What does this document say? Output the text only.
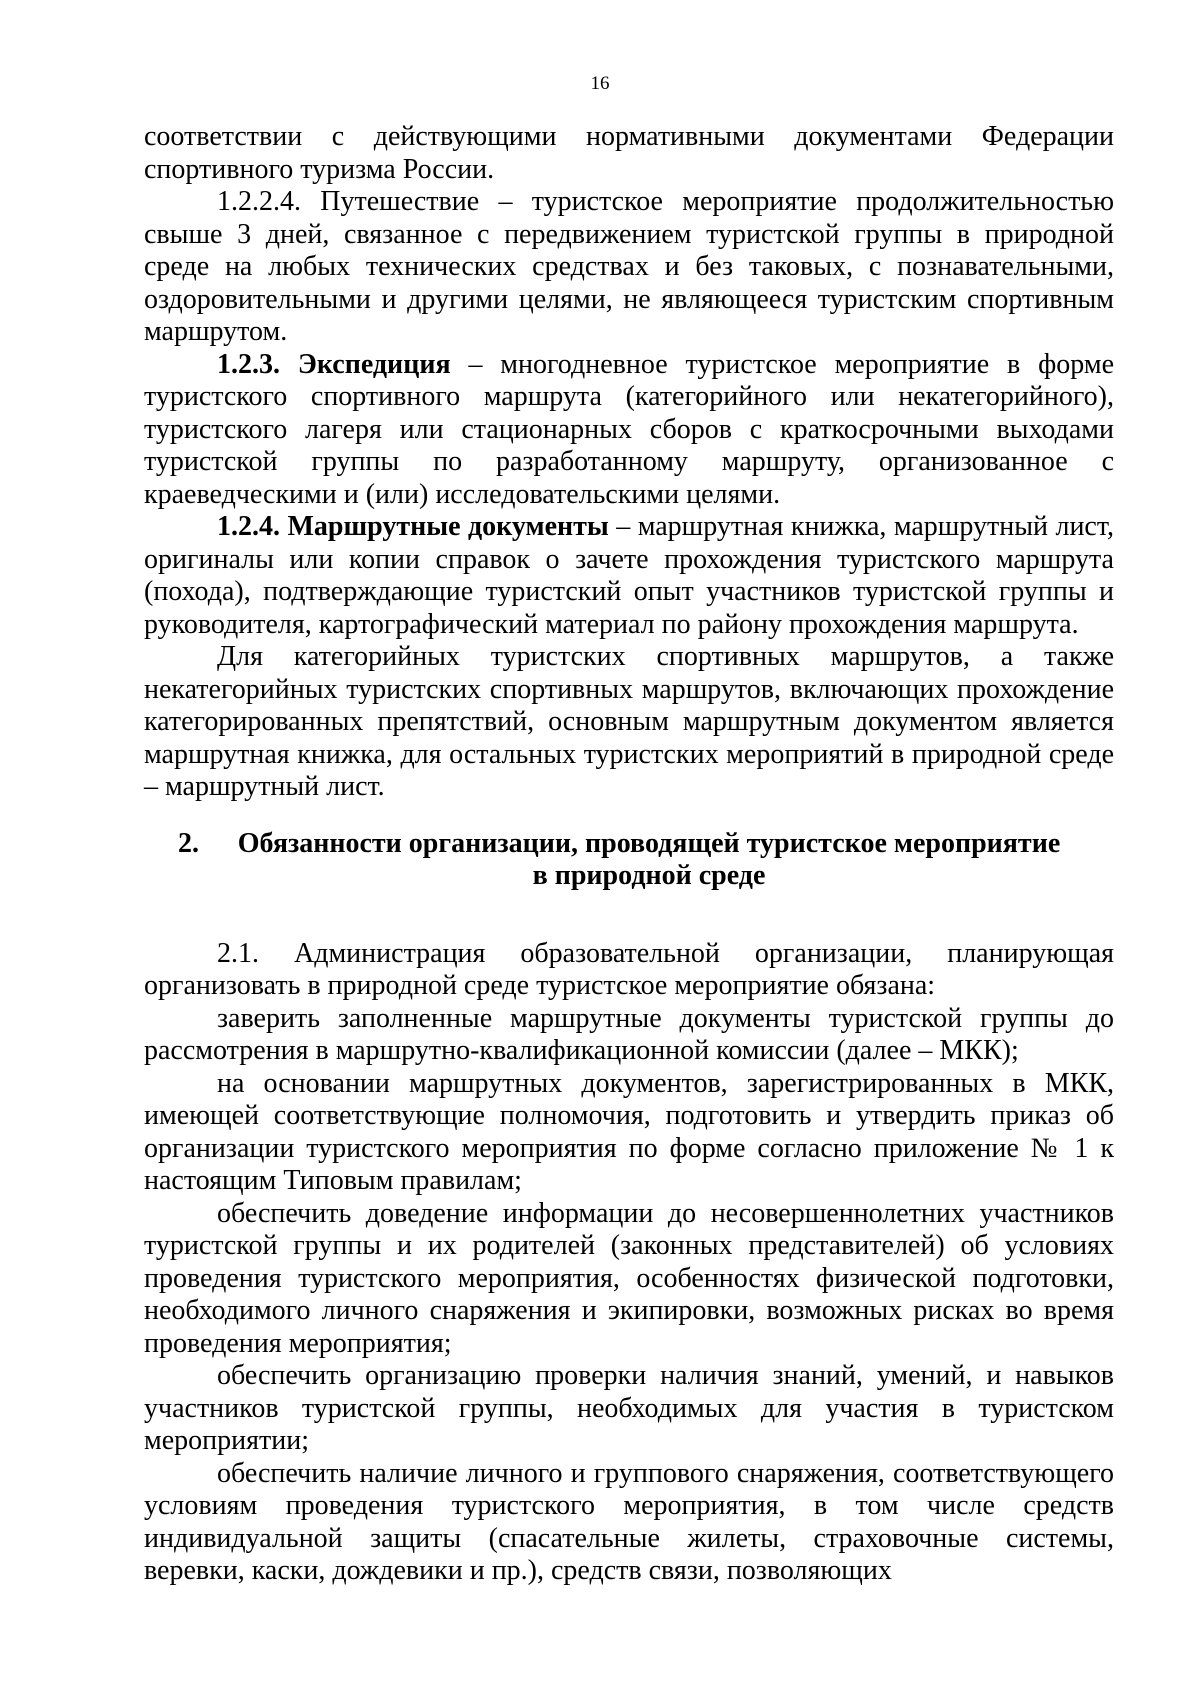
16

соответствии с действующими нормативными документами Федерации спортивного туризма России.

1.2.2.4. Путешествие – туристское мероприятие продолжительностью свыше 3 дней, связанное с передвижением туристской группы в природной среде на любых технических средствах и без таковых, с познавательными, оздоровительными и другими целями, не являющееся туристским спортивным маршрутом.

1.2.3. Экспедиция – многодневное туристское мероприятие в форме туристского спортивного маршрута (категорийного или некатегорийного), туристского лагеря или стационарных сборов с краткосрочными выходами туристской группы по разработанному маршруту, организованное с краеведческими и (или) исследовательскими целями.

1.2.4. Маршрутные документы – маршрутная книжка, маршрутный лист, оригиналы или копии справок о зачете прохождения туристского маршрута (похода), подтверждающие туристский опыт участников туристской группы и руководителя, картографический материал по району прохождения маршрута.

Для категорийных туристских спортивных маршрутов, а также некатегорийных туристских спортивных маршрутов, включающих прохождение категорированных препятствий, основным маршрутным документом является маршрутная книжка, для остальных туристских мероприятий в природной среде – маршрутный лист.

2.	Обязанности организации, проводящей туристское мероприятие
в природной среде

2.1. Администрация образовательной организации, планирующая организовать в природной среде туристское мероприятие обязана:

заверить заполненные маршрутные документы туристской группы до рассмотрения в маршрутно-квалификационной комиссии (далее – МКК);

на основании маршрутных документов, зарегистрированных в МКК, имеющей соответствующие полномочия, подготовить и утвердить приказ об организации туристского мероприятия по форме согласно приложение № 1 к настоящим Типовым правилам;

обеспечить доведение информации до несовершеннолетних участников туристской группы и их родителей (законных представителей) об условиях проведения туристского мероприятия, особенностях физической подготовки, необходимого личного снаряжения и экипировки, возможных рисках во время проведения мероприятия;

обеспечить организацию проверки наличия знаний, умений, и навыков участников туристской группы, необходимых для участия в туристском мероприятии;

обеспечить наличие личного и группового снаряжения, соответствующего условиям проведения туристского мероприятия, в том числе средств индивидуальной защиты (спасательные жилеты, страховочные системы, веревки, каски, дождевики и пр.), средств связи, позволяющих
